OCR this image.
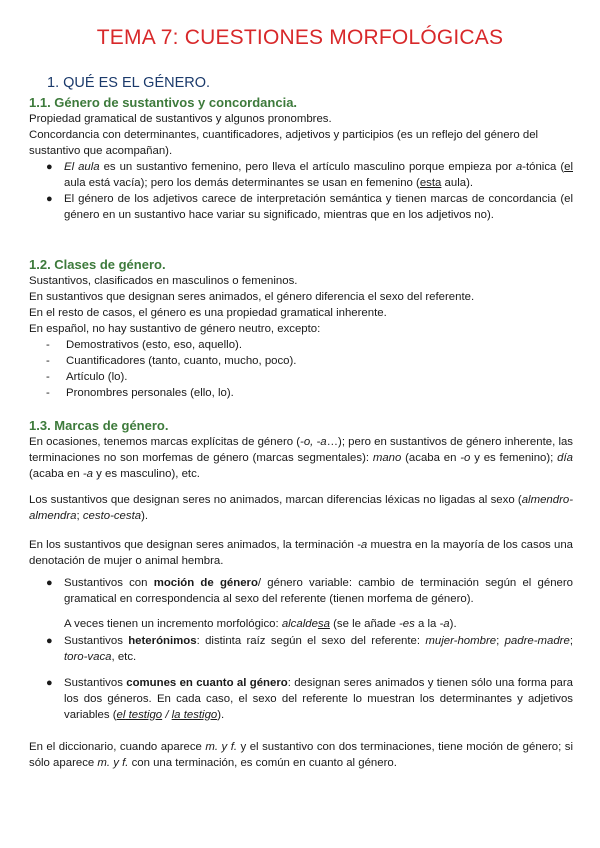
TEMA 7: CUESTIONES MORFOLÓGICAS
1. QUÉ ES EL GÉNERO.
1.1. Género de sustantivos y concordancia.

Propiedad gramatical de sustantivos y algunos pronombres.

Concordancia con determinantes, cuantificadores, adjetivos y participios (es un reflejo del género del sustantivo que acompañan).

● El aula es un sustantivo femenino, pero lleva el artículo masculino porque empieza por a-tónica (el aula está vacía); pero los demás determinantes se usan en femenino (esta aula).
● El género de los adjetivos carece de interpretación semántica y tienen marcas de concordancia (el género en un sustantivo hace variar su significado, mientras que en los adjetivos no).
1.2. Clases de género.

Sustantivos, clasificados en masculinos o femeninos.

En sustantivos que designan seres animados, el género diferencia el sexo del referente.

En el resto de casos, el género es una propiedad gramatical inherente.

En español, no hay sustantivo de género neutro, excepto:

- Demostrativos (esto, eso, aquello).
- Cuantificadores (tanto, cuanto, mucho, poco).
- Artículo (lo).
- Pronombres personales (ello, lo).
1.3. Marcas de género.

En ocasiones, tenemos marcas explícitas de género (-o, -a…); pero en sustantivos de género inherente, las terminaciones no son morfemas de género (marcas segmentales): mano (acaba en -o y es femenino); día (acaba en -a y es masculino), etc.

Los sustantivos que designan seres no animados, marcan diferencias léxicas no ligadas al sexo (almendro-almendra; cesto-cesta).

En los sustantivos que designan seres animados, la terminación -a muestra en la mayoría de los casos una denotación de mujer o animal hembra.

● Sustantivos con moción de género/ género variable: cambio de terminación según el género gramatical en correspondencia al sexo del referente (tienen morfema de género).

A veces tienen un incremento morfológico: alcaldesa (se le añade -es a la -a).

● Sustantivos heterónimos: distinta raíz según el sexo del referente: mujer-hombre; padre-madre; toro-vaca, etc.
● Sustantivos comunes en cuanto al género: designan seres animados y tienen sólo una forma para los dos géneros. En cada caso, el sexo del referente lo muestran los determinantes y adjetivos variables (el testigo / la testigo).

En el diccionario, cuando aparece m. y f. y el sustantivo con dos terminaciones, tiene moción de género; si sólo aparece m. y f. con una terminación, es común en cuanto al género.
